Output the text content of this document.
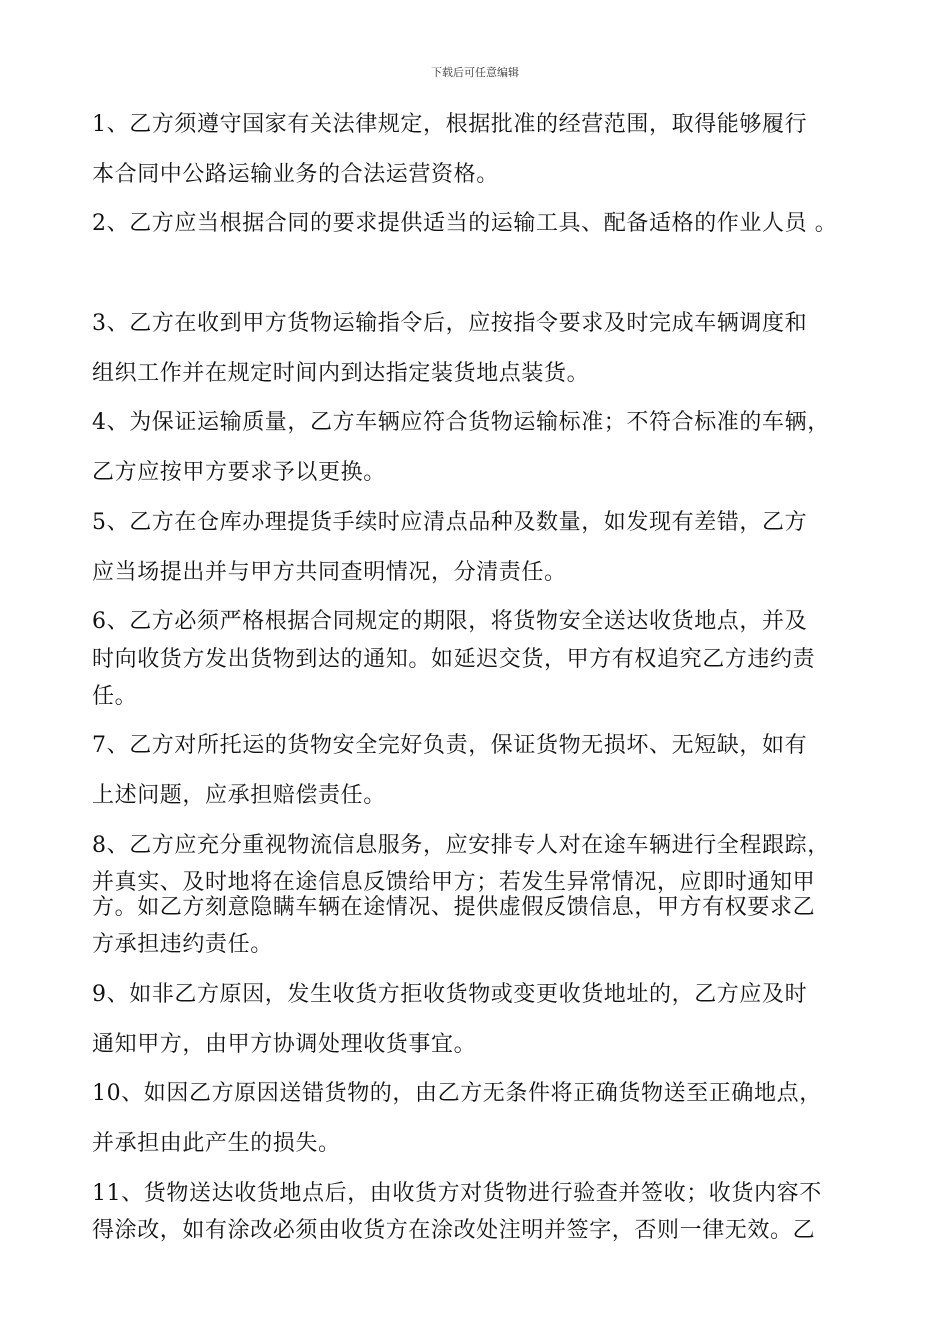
下载后可任意编辑
1、乙方须遵守国家有关法律规定，根据批准的经营范围，取得能够履行
本合同中公路运输业务的合法运营资格。
2、乙方应当根据合同的要求提供适当的运输工具、配备适格的作业人员 。
3、乙方在收到甲方货物运输指令后，应按指令要求及时完成车辆调度和
组织工作并在规定时间内到达指定装货地点装货。
4、为保证运输质量，乙方车辆应符合货物运输标准；不符合标准的车辆，
乙方应按甲方要求予以更换。
5、乙方在仓库办理提货手续时应清点品种及数量，如发现有差错，乙方
应当场提出并与甲方共同查明情况，分清责任。
6、乙方必须严格根据合同规定的期限，将货物安全送达收货地点，并及
时向收货方发出货物到达的通知。如延迟交货，甲方有权追究乙方违约责
任。
7、乙方对所托运的货物安全完好负责，保证货物无损坏、无短缺，如有
上述问题，应承担赔偿责任。
8、乙方应充分重视物流信息服务，应安排专人对在途车辆进行全程跟踪，
并真实、及时地将在途信息反馈给甲方；若发生异常情况，应即时通知甲
方。如乙方刻意隐瞒车辆在途情况、提供虚假反馈信息，甲方有权要求乙
方承担违约责任。
9、如非乙方原因，发生收货方拒收货物或变更收货地址的，乙方应及时
通知甲方，由甲方协调处理收货事宜。
10、如因乙方原因送错货物的，由乙方无条件将正确货物送至正确地点，
并承担由此产生的损失。
11、货物送达收货地点后，由收货方对货物进行验查并签收；收货内容不
得涂改，如有涂改必须由收货方在涂改处注明并签字，否则一律无效。乙
